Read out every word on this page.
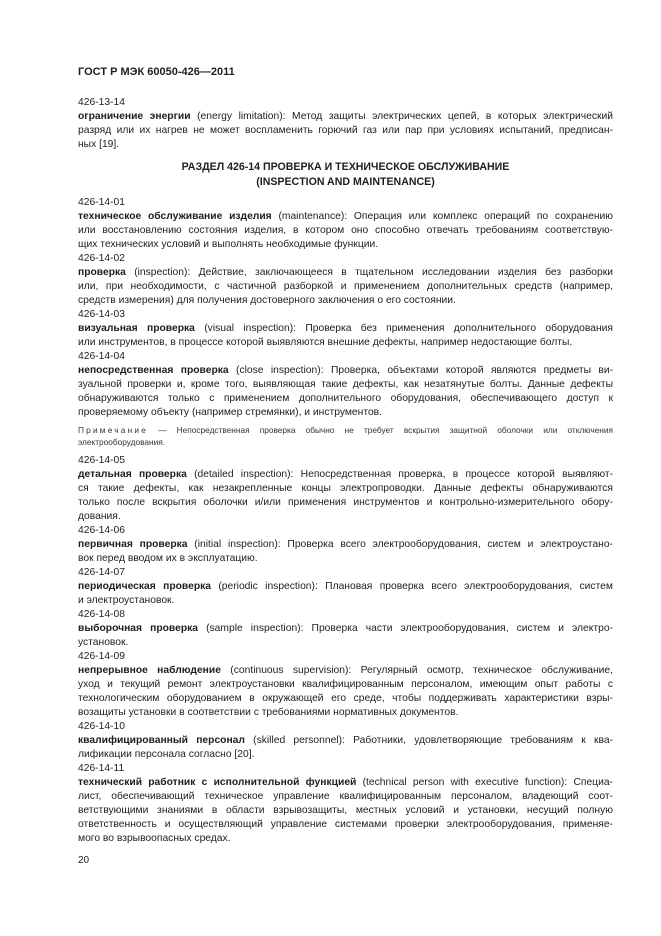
ГОСТ Р МЭК 60050-426—2011
426-13-14
ограничение энергии (energy limitation): Метод защиты электрических цепей, в которых электрический
разряд или их нагрев не может воспламенить горючий газ или пар при условиях испытаний, предписан-
ных [19].
РАЗДЕЛ 426-14 ПРОВЕРКА И ТЕХНИЧЕСКОЕ ОБСЛУЖИВАНИЕ
(INSPECTION AND MAINTENANCE)
426-14-01
техническое обслуживание изделия (maintenance): Операция или комплекс операций по сохранению
или восстановлению состояния изделия, в котором оно способно отвечать требованиям соответствую-
щих технических условий и выполнять необходимые функции.
426-14-02
проверка (inspection): Действие, заключающееся в тщательном исследовании изделия без разборки
или, при необходимости, с частичной разборкой и применением дополнительных средств (например,
средств измерения) для получения достоверного заключения о его состоянии.
426-14-03
визуальная проверка (visual inspection): Проверка без применения дополнительного оборудования
или инструментов, в процессе которой выявляются внешние дефекты, например недостающие болты.
426-14-04
непосредственная проверка (close inspection): Проверка, объектами которой являются предметы ви-
зуальной проверки и, кроме того, выявляющая такие дефекты, как незатянутые болты. Данные дефекты
обнаруживаются только с применением дополнительного оборудования, обеспечивающего доступ к
проверяемому объекту (например стремянки), и инструментов.
Примечание — Непосредственная проверка обычно не требует вскрытия защитной оболочки или отключения
электрооборудования.
426-14-05
детальная проверка (detailed inspection): Непосредственная проверка, в процессе которой выявляют-
ся такие дефекты, как незакрепленные концы электропроводки. Данные дефекты обнаруживаются
только после вскрытия оболочки и/или применения инструментов и контрольно-измерительного обору-
дования.
426-14-06
первичная проверка (initial inspection): Проверка всего электрооборудования, систем и электроустано-
вок перед вводом их в эксплуатацию.
426-14-07
периодическая проверка (periodic inspection): Плановая проверка всего электрооборудования, систем
и электроустановок.
426-14-08
выборочная проверка (sample inspection): Проверка части электрооборудования, систем и электро-
установок.
426-14-09
непрерывное наблюдение (continuous supervision): Регулярный осмотр, техническое обслуживание,
уход и текущий ремонт электроустановки квалифицированным персоналом, имеющим опыт работы с
технологическим оборудованием в окружающей его среде, чтобы поддерживать характеристики взры-
возащиты установки в соответствии с требованиями нормативных документов.
426-14-10
квалифицированный персонал (skilled personnel): Работники, удовлетворяющие требованиям к ква-
лификации персонала согласно [20].
426-14-11
технический работник с исполнительной функцией (technical person with executive function): Специа-
лист, обеспечивающий техническое управление квалифицированным персоналом, владеющий соот-
ветствующими знаниями в области взрывозащиты, местных условий и установки, несущий полную
ответственность и осуществляющий управление системами проверки электрооборудования, применяе-
мого во взрывоопасных средах.
20
